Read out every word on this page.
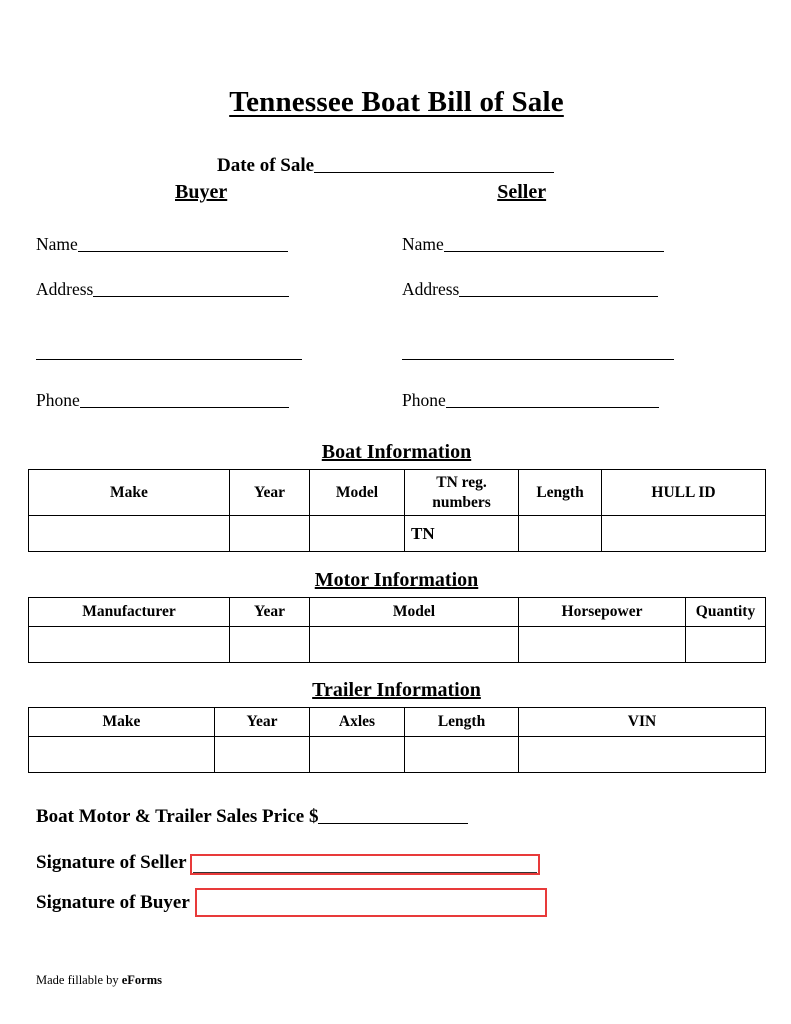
Tennessee Boat Bill of Sale
Date of Sale
Buyer	Seller
Name	Name
Address	Address
Phone	Phone
Boat Information
Make	Year	Model	TN reg. numbers	Length	HULL ID
			TN		
Motor Information
Manufacturer	Year	Model	Horsepower	Quantity

Trailer Information
Make	Year	Axles	Length	VIN

Boat Motor & Trailer Sales Price $
Signature of Seller
Signature of Buyer
Made fillable by eForms
